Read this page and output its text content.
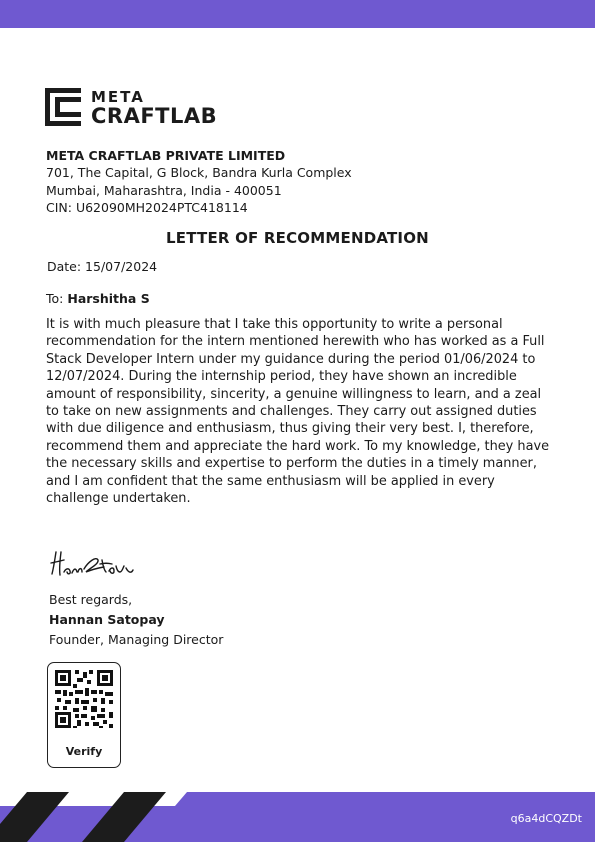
META
CRAFTLAB
META CRAFTLAB PRIVATE LIMITED
701, The Capital, G Block, Bandra Kurla Complex
Mumbai, Maharashtra, India - 400051
CIN: U62090MH2024PTC418114
LETTER OF RECOMMENDATION
Date: 15/07/2024
To: Harshitha S

It is with much pleasure that I take this opportunity to write a personal recommendation for the intern mentioned herewith who has worked as a Full Stack Developer Intern under my guidance during the period 01/06/2024 to 12/07/2024. During the internship period, they have shown an incredible amount of responsibility, sincerity, a genuine willingness to learn, and a zeal to take on new assignments and challenges. They carry out assigned duties with due diligence and enthusiasm, thus giving their very best. I, therefore, recommend them and appreciate the hard work. To my knowledge, they have the necessary skills and expertise to perform the duties in a timely manner, and I am confident that the same enthusiasm will be applied in every challenge undertaken.

Best regards,
Hannan Satopay
Founder, Managing Director
Verify
q6a4dCQZDt
